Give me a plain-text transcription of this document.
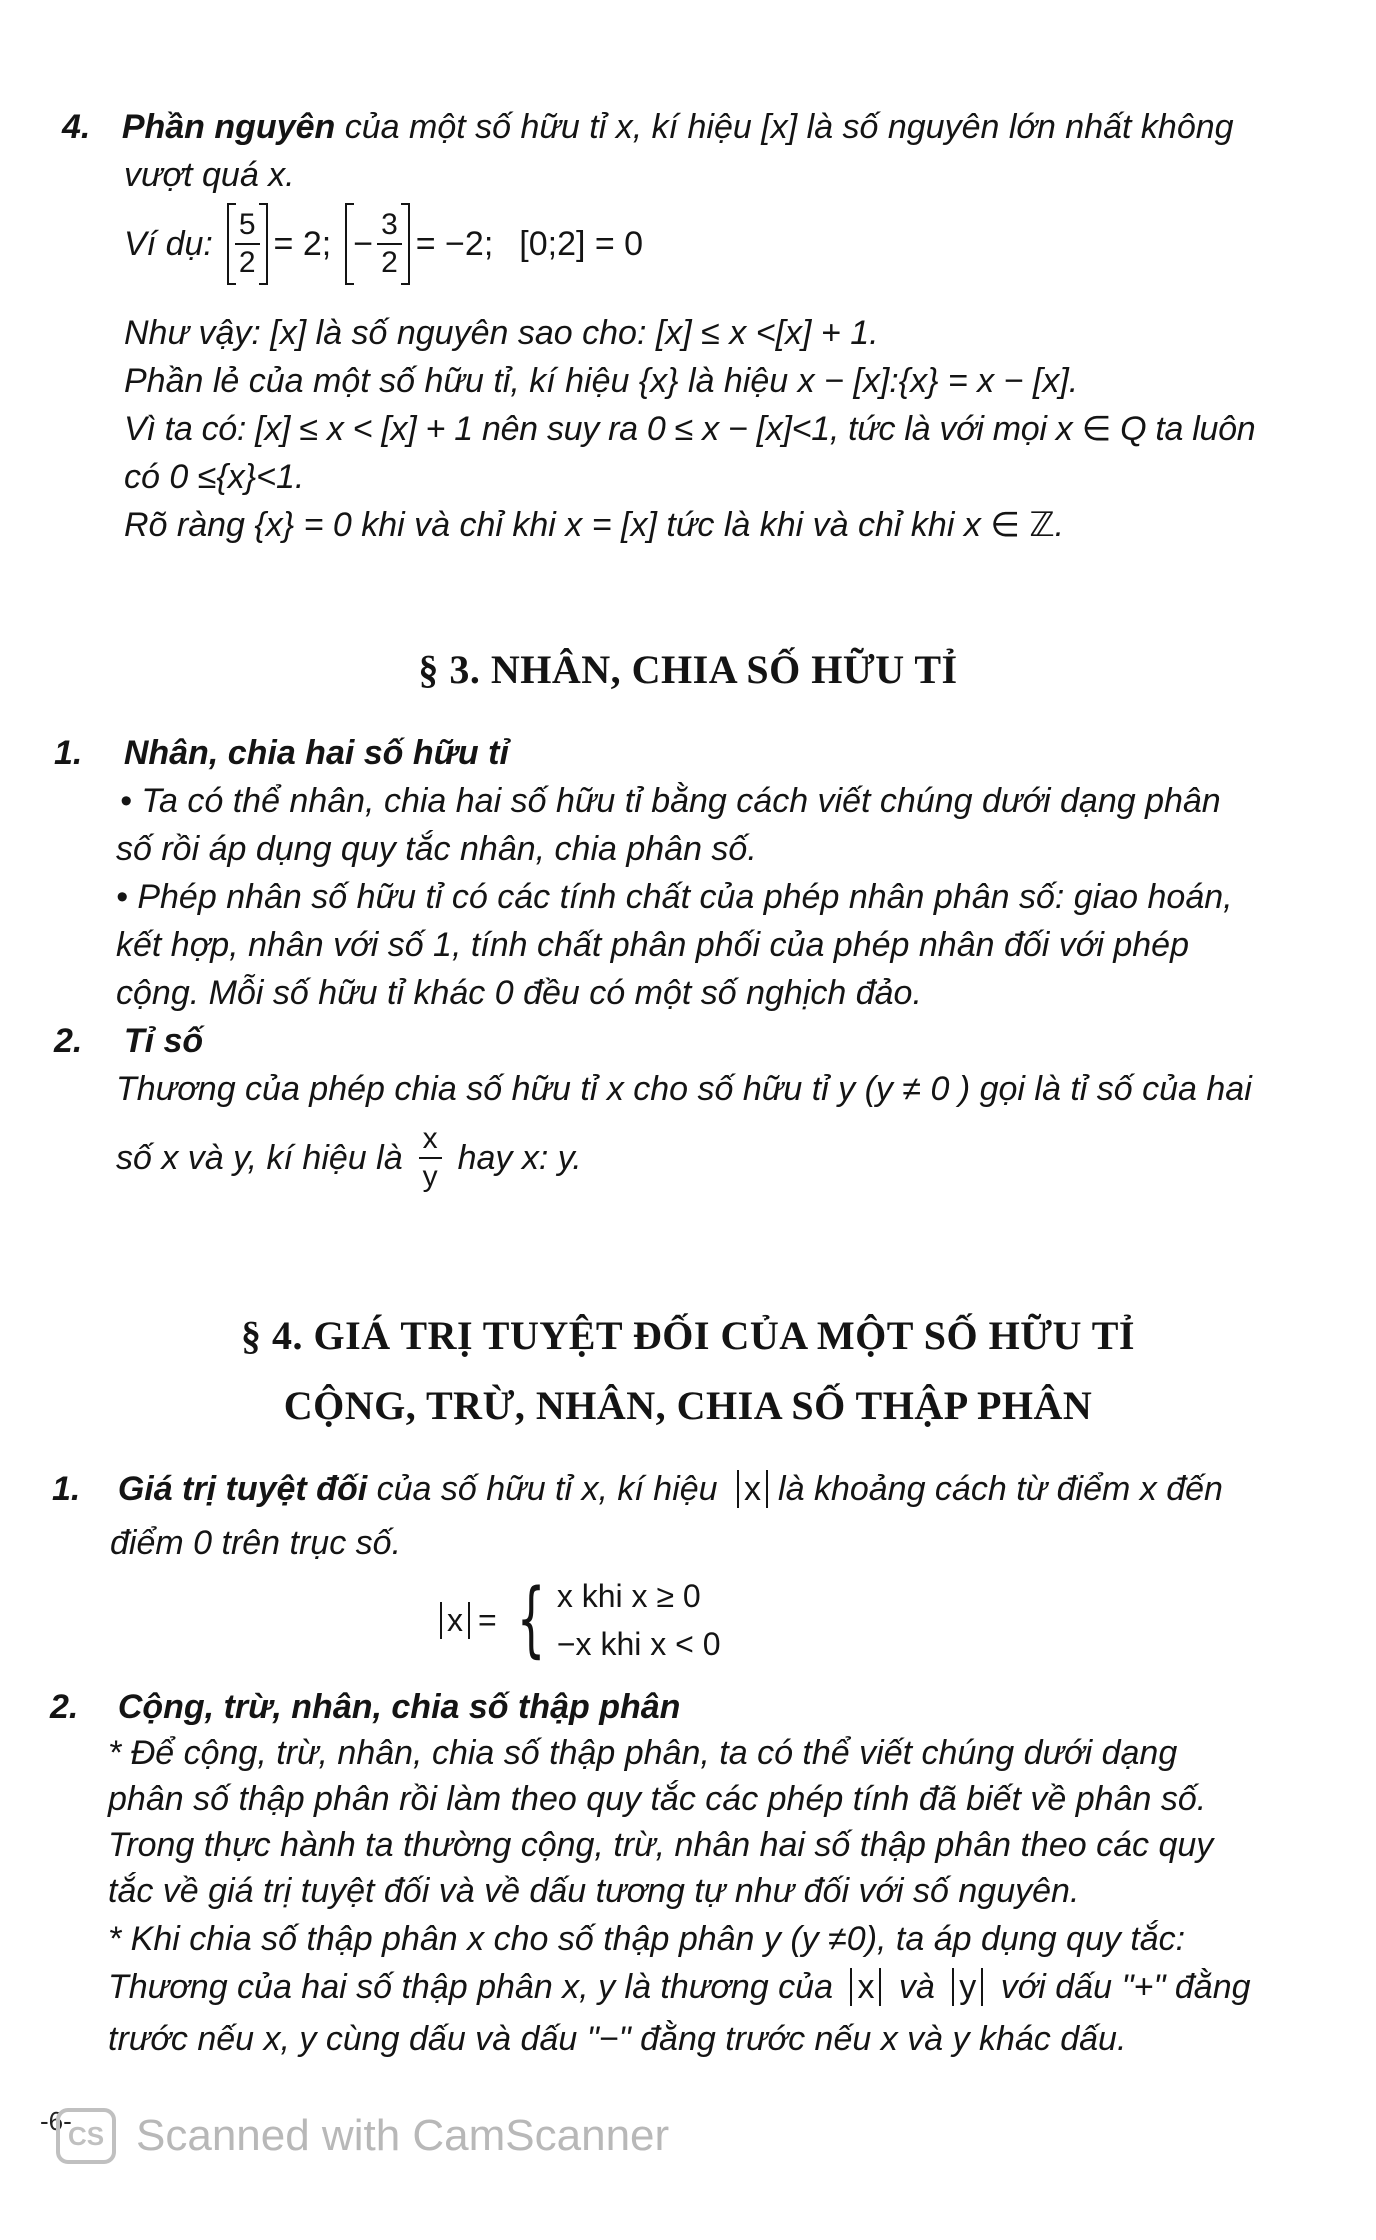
4. Phần nguyên của một số hữu tỉ x, kí hiệu [x] là số nguyên lớn nhất không
vượt quá x.
Ví dụ: $\frac{5}{2} = 2$; − $\frac{3}{2} = -2$; [0;2] = 0
Như vậy: [x] là số nguyên sao cho: [x] ≤ x <[x] + 1.
Phần lẻ của một số hữu tỉ, kí hiệu {x} là hiệu x − [x]:{x} = x − [x].
Vì ta có: [x] ≤ x < [x] + 1 nên suy ra 0 ≤ x − [x]<1, tức là với mọi x ∈ Q ta luôn
có 0 ≤{x}<1.
Rõ ràng {x} = 0 khi và chỉ khi x = [x] tức là khi và chỉ khi x ∈ ℤ.
§ 3. NHÂN, CHIA SỐ HỮU TỈ
1. Nhân, chia hai số hữu tỉ
• Ta có thể nhân, chia hai số hữu tỉ bằng cách viết chúng dưới dạng phân
số rồi áp dụng quy tắc nhân, chia phân số.
• Phép nhân số hữu tỉ có các tính chất của phép nhân phân số: giao hoán,
kết hợp, nhân với số 1, tính chất phân phối của phép nhân đối với phép
cộng. Mỗi số hữu tỉ khác 0 đều có một số nghịch đảo.
2. Tỉ số
Thương của phép chia số hữu tỉ x cho số hữu tỉ y (y ≠ 0 ) gọi là tỉ số của hai
số x và y, kí hiệu là $\frac{x}{y}$ hay x: y.
§ 4. GIÁ TRỊ TUYỆT ĐỐI CỦA MỘT SỐ HỮU TỈ
CỘNG, TRỪ, NHÂN, CHIA SỐ THẬP PHÂN
1. Giá trị tuyệt đối của số hữu tỉ x, kí hiệu x là khoảng cách từ điểm x đến
điểm 0 trên trục số.
x = { x khi x ≥ 0
−x khi x < 0
2. Cộng, trừ, nhân, chia số thập phân
* Để cộng, trừ, nhân, chia số thập phân, ta có thể viết chúng dưới dạng
phân số thập phân rồi làm theo quy tắc các phép tính đã biết về phân số.
Trong thực hành ta thường cộng, trừ, nhân hai số thập phân theo các quy
tắc về giá trị tuyệt đối và về dấu tương tự như đối với số nguyên.
* Khi chia số thập phân x cho số thập phân y (y ≠0), ta áp dụng quy tắc:
Thương của hai số thập phân x, y là thương của x và y với dấu "+" đằng
trước nếu x, y cùng dấu và dấu "−" đằng trước nếu x và y khác dấu.
-6-
CS Scanned with CamScanner
